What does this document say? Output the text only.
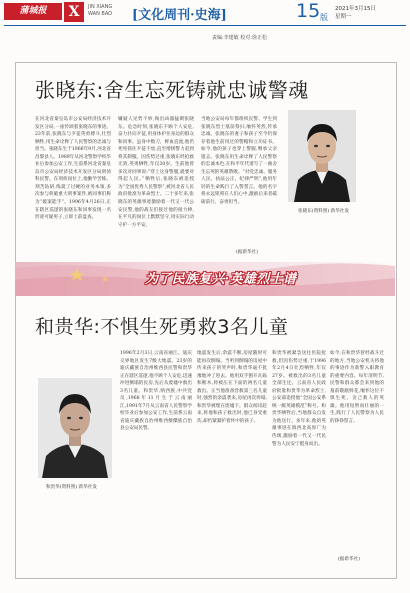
蒲城报	X	JIN XIANG
WAN BAO	[文化周刊·史海]	15 版
2021年3月15日
星期一
责编:李建敏 校对:徐正松
张晓东:舍生忘死铸就忠诚警魂
在河北省秦皇岛市公安局经济技术开发区分局,一座传颂着张晓东的事迹。23年前,张晓东与歹徒英勇搏斗,壮烈牺牲,用生命诠释了人民警察的忠诚与担当。张晓东生于1966年9月,河北省昌黎县人。1989年从河北警察学校毕业后参加公安工作,生前系河北省秦皇岛市公安局经济技术开发区分局刑侦科民警。在刑侦岗位上,他勤学苦练、刻苦钻研,练就了过硬的业务本领,多次参与侦破重大刑事案件,被同事们称为“破案能手”。1996年4月26日,正在辖区巡逻的张晓东和同事发现一名形迹可疑男子,立即上前盘查。
嫌疑人见势不妙,掏出凶器猛刺张晓东。危急时刻,张晓东不顾个人安危,奋力扑向歹徒,用身体护住身边的群众和同事。虽身中数刀、鲜血直流,他仍死死抓住歹徒不放,直至增援警力赶到将其制服。因伤势过重,张晓东经抢救无效,英勇牺牲,年仅30岁。生前他曾多次对同事说:“穿上这身警服,就要对得起人民。”牺牲后,张晓东被追授为“全国优秀人民警察”,被河北省人民政府批准为革命烈士。二十多年来,张晓东的英雄事迹激励着一代又一代公安民警,他的战友们接过他的接力棒,在平凡的岗位上默默坚守,用实际行动守护一方平安。
当地公安局每年都组织民警、学生到张晓东烈士墓前祭扫,缅怀英烈,传承忠诚。张晓东的妻子和孩子至今仍保存着他生前用过的警帽和立功证书。如今,他的孩子也穿上警服,继承父亲遗志。张晓东用生命诠释了人民警察的忠诚本色,在和平年代谱写了一曲舍生忘死的英雄赞歌。“对党忠诚、服务人民、执法公正、纪律严明”,他用年轻的生命践行了入警誓言。他的名字将永远铭刻在人们心中,激励后来者砥砺前行、奋勇担当。
(据新华社)
张晓东(资料照) 新华社发
为了民族复兴·英雄烈士谱
和贵华:不惧生死勇救3名儿童
和贵华(资料照) 新华社发
1996年2月3日,云南省丽江、迪庆交界地区发生7级大地震。23岁的迪庆藏族自治州维西县民警和贵华正在辖区巡逻,他不顾个人安危,迅速冲进倒塌的民房,先后从废墟中救出3名儿童。和贵华,纳西族,中共党员,1968年11月生于云南丽江,1991年7月从云南省人民警察学校毕业后参加公安工作,生前系云南省迪庆藏族自治州维西傈僳族自治县公安局民警。
地震发生后,余震不断,房屋随时可能再次倒塌。当听到倒塌的房屋中传来孩子的哭声时,和贵华毫不犹豫地冲了进去。他用双手刨开瓦砾和断木,将被压在下面的两名儿童救出。正当他准备营救第三名儿童时,强烈的余震袭来,房屋再次坍塌,和贵华被埋在废墟下。群众闻讯赶来,将他和孩子救出时,他已身受重伤,却仍紧紧护着怀中的孩子。
和贵华被紧急送往医院抢救,但因伤势过重,于1996年2月4日壮烈牺牲,年仅27岁。被救出的3名儿童全部生还。云南省人民政府批准和贵华为革命烈士,公安部追授他“全国公安系统一级英雄模范”称号。和贵华牺牲后,当地群众自发为他送行。多年来,他的英雄事迹在滇西北高原广为传颂,激励着一代又一代民警为人民安宁挺身而出。
如今,在和贵华曾经战斗过的地方,当地公安机关将他的事迹作为新警入职教育的重要内容。每年清明节,民警和群众都会来到他的墓前敬献鲜花,缅怀这位不惧生死、舍己救人的英雄。他用短暂而壮丽的一生,践行了人民警察为人民的铮铮誓言。
(据新华社)
